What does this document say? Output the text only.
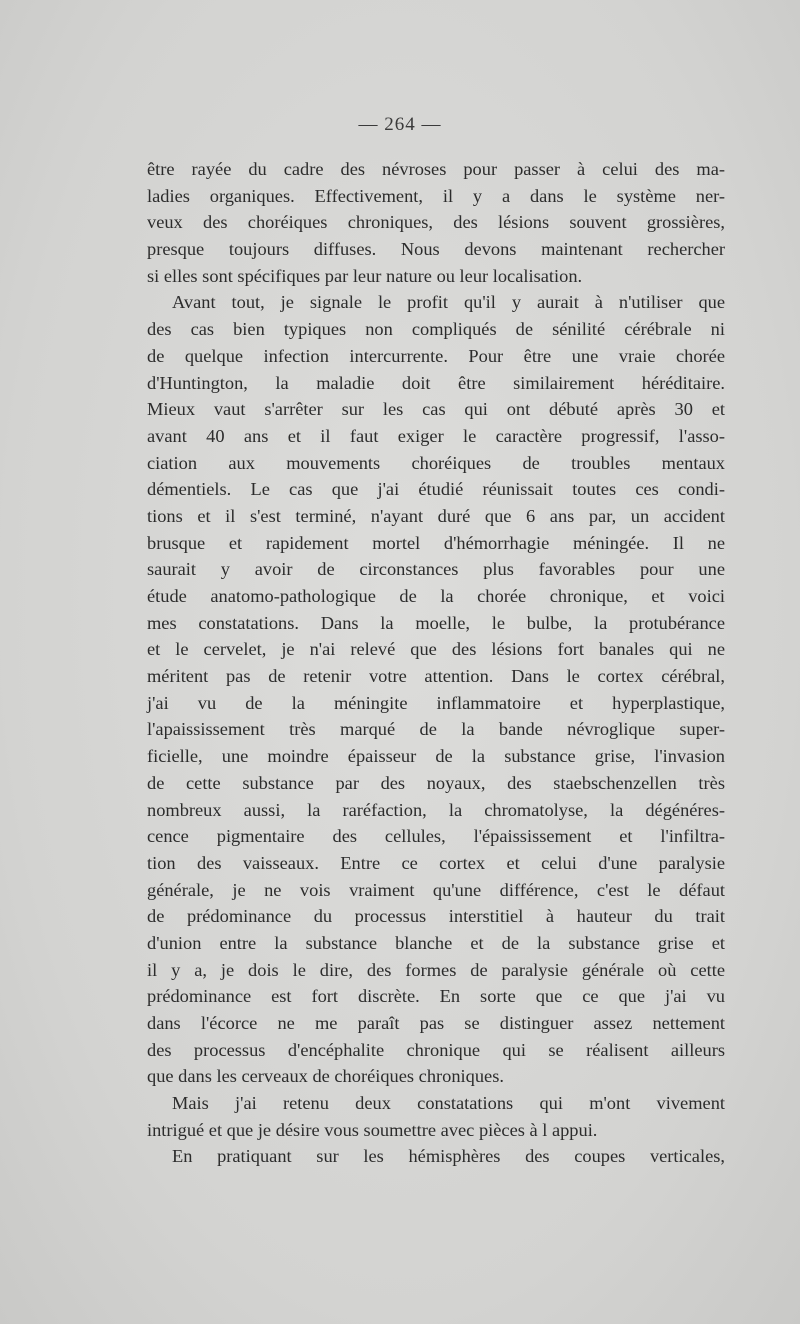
— 264 —
être rayée du cadre des névroses pour passer à celui des ma-
ladies organiques. Effectivement, il y a dans le système ner-
veux des choréiques chroniques, des lésions souvent grossières,
presque toujours diffuses. Nous devons maintenant rechercher
si elles sont spécifiques par leur nature ou leur localisation.
Avant tout, je signale le profit qu'il y aurait à n'utiliser que
des cas bien typiques non compliqués de sénilité cérébrale ni
de quelque infection intercurrente. Pour être une vraie chorée
d'Huntington, la maladie doit être similairement héréditaire.
Mieux vaut s'arrêter sur les cas qui ont débuté après 30 et
avant 40 ans et il faut exiger le caractère progressif, l'asso-
ciation aux mouvements choréiques de troubles mentaux
démentiels. Le cas que j'ai étudié réunissait toutes ces condi-
tions et il s'est terminé, n'ayant duré que 6 ans par, un accident
brusque et rapidement mortel d'hémorrhagie méningée. Il ne
saurait y avoir de circonstances plus favorables pour une
étude anatomo-pathologique de la chorée chronique, et voici
mes constatations. Dans la moelle, le bulbe, la protubérance
et le cervelet, je n'ai relevé que des lésions fort banales qui ne
méritent pas de retenir votre attention. Dans le cortex cérébral,
j'ai vu de la méningite inflammatoire et hyperplastique,
l'apaississement très marqué de la bande névroglique super-
ficielle, une moindre épaisseur de la substance grise, l'invasion
de cette substance par des noyaux, des staebschenzellen très
nombreux aussi, la raréfaction, la chromatolyse, la dégénéres-
cence pigmentaire des cellules, l'épaississement et l'infiltra-
tion des vaisseaux. Entre ce cortex et celui d'une paralysie
générale, je ne vois vraiment qu'une différence, c'est le défaut
de prédominance du processus interstitiel à hauteur du trait
d'union entre la substance blanche et de la substance grise et
il y a, je dois le dire, des formes de paralysie générale où cette
prédominance est fort discrète. En sorte que ce que j'ai vu
dans l'écorce ne me paraît pas se distinguer assez nettement
des processus d'encéphalite chronique qui se réalisent ailleurs
que dans les cerveaux de choréiques chroniques.
Mais j'ai retenu deux constatations qui m'ont vivement
intrigué et que je désire vous soumettre avec pièces à l appui.
En pratiquant sur les hémisphères des coupes verticales,
